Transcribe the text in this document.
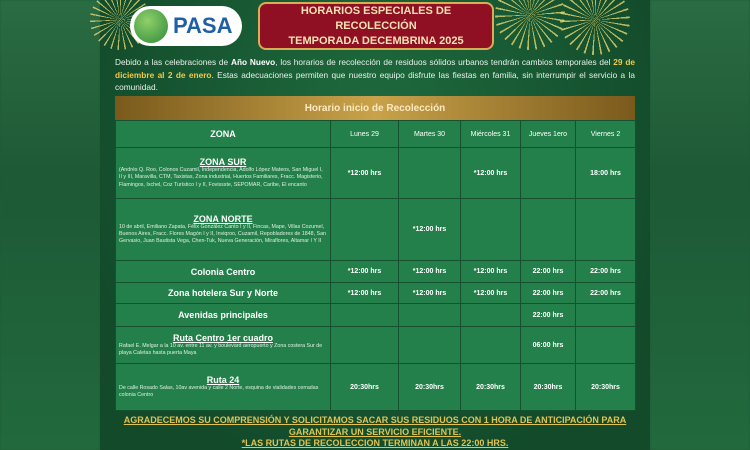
PASA
HORARIOS ESPECIALES DE RECOLECCIÓN
TEMPORADA DECEMBRINA 2025

Debido a las celebraciones de Año Nuevo, los horarios de recolección de residuos sólidos urbanos tendrán cambios temporales del 29 de diciembre al 2 de enero. Estas adecuaciones permiten que nuestro equipo disfrute las fiestas en familia, sin interrumpir el servicio a la comunidad.

Horario inicio de Recolección
ZONA	Lunes 29	Martes 30	Miércoles 31	Jueves 1ero	Viernes 2

ZONA SUR
(Andrés Q. Roo, Colonos Cuzamil, Independencia, Adolfo López Mateos, San Miguel I, II y III, Maravilla, CTM, Taxistas, Zona industrial, Huertos Familiares, Fracc. Magisterio, Flamingos, Ixchel, Coz Turístico I y II, Fovissste, SEPOMAR, Caribe, El encanto	*12:00 hrs		*12:00 hrs		18:00 hrs

ZONA NORTE
10 de abril, Emiliano Zapata, Félix González Canto I y II, Fincas, Mape, Villas Cozumel, Buenos Aires, Fracc. Flores Magón I y II, Inviqroo, Cuzamil, Repobladores de 1848, San Gervasio, Juan Bautista Vega, Chen-Tuk, Nueva Generación, Miraflores, Altamar I Y II		*12:00 hrs			
Colonia Centro	*12:00 hrs	*12:00 hrs	*12:00 hrs	22:00 hrs	22:00 hrs
Zona hotelera Sur y Norte	*12:00 hrs	*12:00 hrs	*12:00 hrs	22:00 hrs	22:00 hrs
Avenidas principales				22:00 hrs	

Ruta Centro 1er cuadro
Rafael E. Melgar a la 10 av. entre 11 av. y boulevard aeropuerto y Zona costera Sur de playa Caletas hasta puerta Maya				06:00 hrs	

Ruta 24
De calle Rosado Salas, 10av avenida y calle 2 Norte, esquina de vialidades cerradas colonia Centro	20:30hrs	20:30hrs	20:30hrs	20:30hrs	20:30hrs
AGRADECEMOS SU COMPRENSIÓN Y SOLICITAMOS SACAR SUS RESIDUOS CON 1 HORA DE ANTICIPACIÓN PARA
GARANTIZAR UN SERVICIO EFICIENTE.
*LAS RUTAS DE RECOLECCION TERMINAN A LAS 22:00 HRS.
